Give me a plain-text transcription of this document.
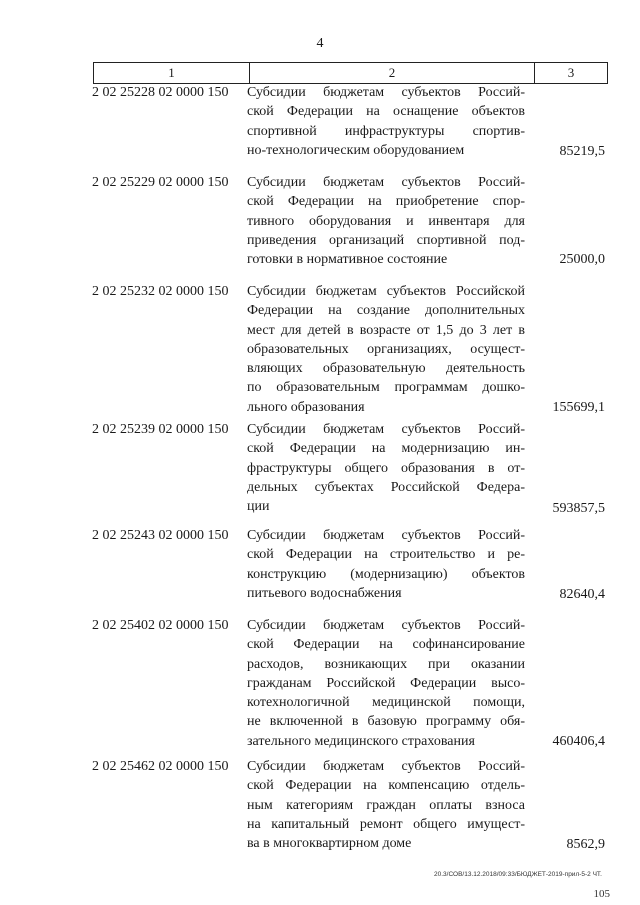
4
1	2	3
2 02 25228 02 0000 150 Субсидии бюджетам субъектов Россий-
ской Федерации на оснащение объектов
спортивной инфраструктуры спортив-
но-технологическим оборудованием	85219,5
2 02 25229 02 0000 150 Субсидии бюджетам субъектов Россий-
ской Федерации на приобретение спор-
тивного оборудования и инвентаря для
приведения организаций спортивной под-
готовки в нормативное состояние	25000,0
2 02 25232 02 0000 150 Субсидии бюджетам субъектов Российской
Федерации на создание дополнительных
мест для детей в возрасте от 1,5 до 3 лет в
образовательных организациях, осущест-
вляющих образовательную деятельность
по образовательным программам дошко-
льного образования	155699,1
2 02 25239 02 0000 150 Субсидии бюджетам субъектов Россий-
ской Федерации на модернизацию ин-
фраструктуры общего образования в от-
дельных субъектах Российской Федера-
ции	593857,5
2 02 25243 02 0000 150 Субсидии бюджетам субъектов Россий-
ской Федерации на строительство и ре-
конструкцию (модернизацию) объектов
питьевого водоснабжения	82640,4
2 02 25402 02 0000 150 Субсидии бюджетам субъектов Россий-
ской Федерации на софинансирование
расходов, возникающих при оказании
гражданам Российской Федерации высо-
котехнологичной медицинской помощи,
не включенной в базовую программу обя-
зательного медицинского страхования	460406,4
2 02 25462 02 0000 150 Субсидии бюджетам субъектов Россий-
ской Федерации на компенсацию отдель-
ным категориям граждан оплаты взноса
на капитальный ремонт общего имущест-
ва в многоквартирном доме	8562,9
20.3/СОВ/13.12.2018/09:33/БЮДЖЕТ-2019-прил-5-2 ЧТ.
105
